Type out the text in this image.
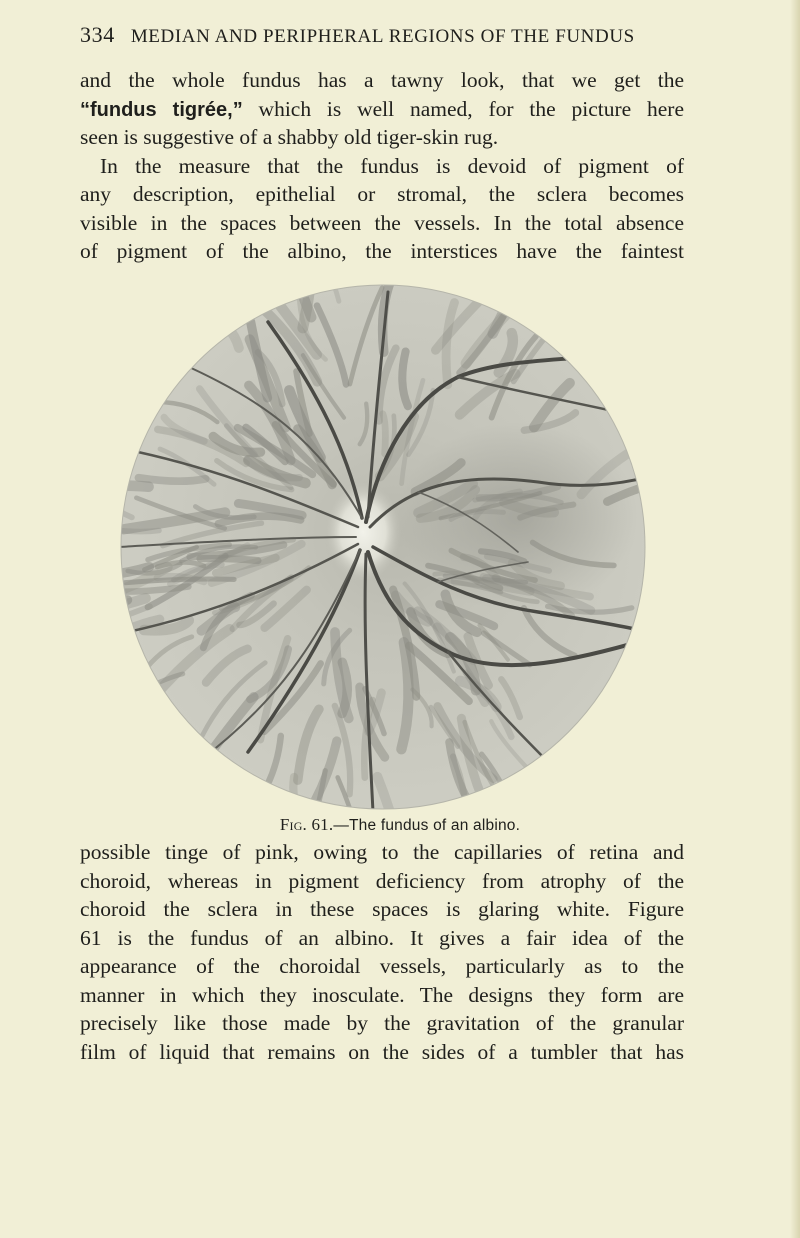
334 MEDIAN AND PERIPHERAL REGIONS OF THE FUNDUS
and the whole fundus has a tawny look, that we get the
“fundus tigrée,” which is well named, for the picture here
seen is suggestive of a shabby old tiger-skin rug.
In the measure that the fundus is devoid of pigment of
any description, epithelial or stromal, the sclera becomes
visible in the spaces between the vessels. In the total absence
of pigment of the albino, the interstices have the faintest
Fig. 61.—The fundus of an albino.
possible tinge of pink, owing to the capillaries of retina and
choroid, whereas in pigment deficiency from atrophy of the
choroid the sclera in these spaces is glaring white. Figure
61 is the fundus of an albino. It gives a fair idea of the
appearance of the choroidal vessels, particularly as to the
manner in which they inosculate. The designs they form are
precisely like those made by the gravitation of the granular
film of liquid that remains on the sides of a tumbler that has
